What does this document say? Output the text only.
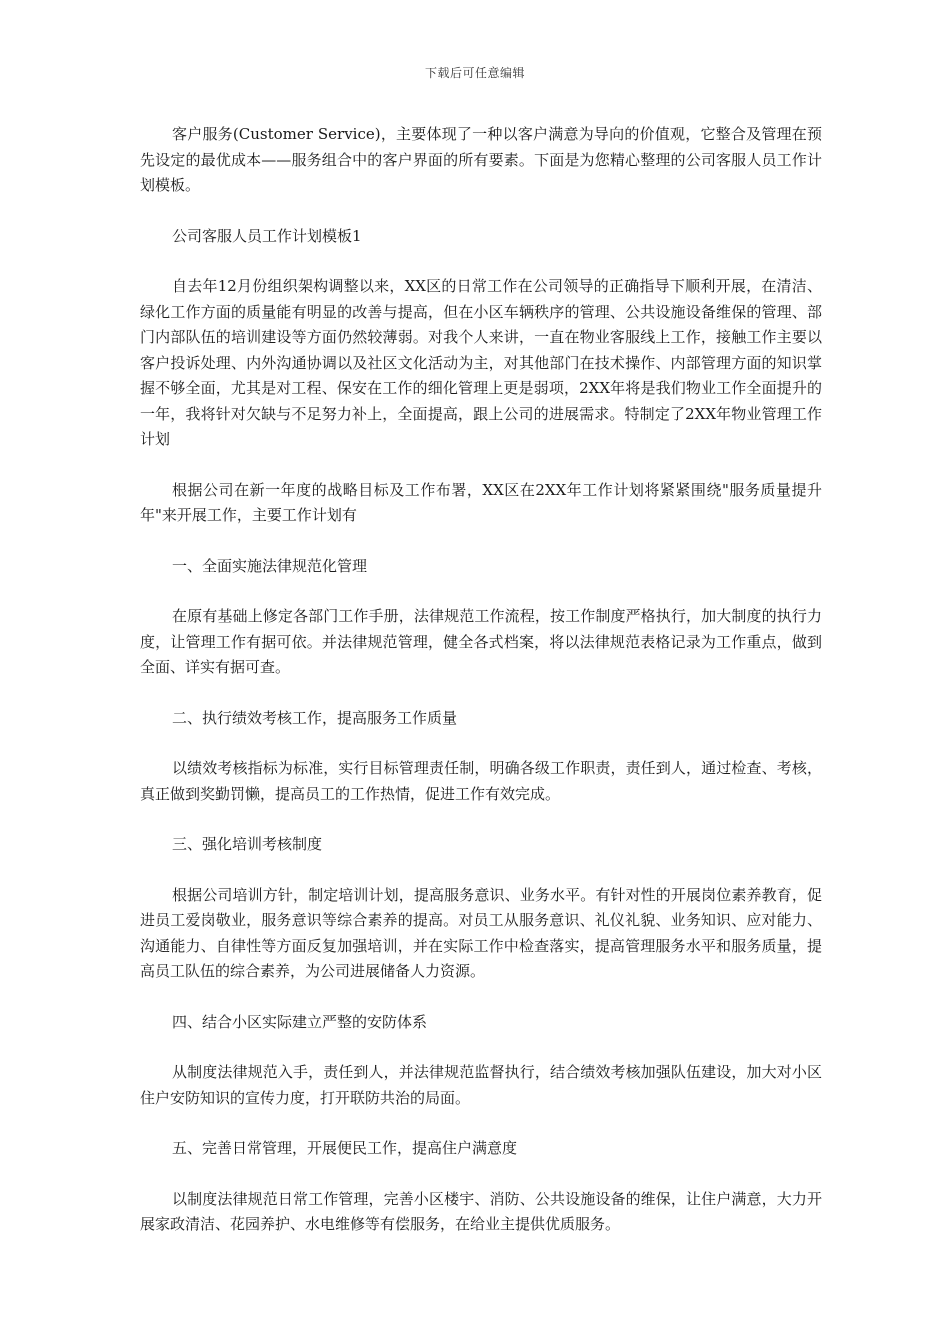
下载后可任意编辑

客户服务(Customer Service)，主要体现了一种以客户满意为导向的价值观，它整合及管理在预先设定的最优成本——服务组合中的客户界面的所有要素。下面是为您精心整理的公司客服人员工作计划模板。

公司客服人员工作计划模板1

自去年12月份组织架构调整以来，XX区的日常工作在公司领导的正确指导下顺利开展，在清洁、绿化工作方面的质量能有明显的改善与提高，但在小区车辆秩序的管理、公共设施设备维保的管理、部门内部队伍的培训建设等方面仍然较薄弱。对我个人来讲，一直在物业客服线上工作，接触工作主要以客户投诉处理、内外沟通协调以及社区文化活动为主，对其他部门在技术操作、内部管理方面的知识掌握不够全面，尤其是对工程、保安在工作的细化管理上更是弱项，2XX年将是我们物业工作全面提升的一年，我将针对欠缺与不足努力补上，全面提高，跟上公司的进展需求。特制定了2XX年物业管理工作计划

根据公司在新一年度的战略目标及工作布署，XX区在2XX年工作计划将紧紧围绕"服务质量提升年"来开展工作，主要工作计划有

一、全面实施法律规范化管理

在原有基础上修定各部门工作手册，法律规范工作流程，按工作制度严格执行，加大制度的执行力度，让管理工作有据可依。并法律规范管理，健全各式档案，将以法律规范表格记录为工作重点，做到全面、详实有据可查。

二、执行绩效考核工作，提高服务工作质量

以绩效考核指标为标准，实行目标管理责任制，明确各级工作职责，责任到人，通过检查、考核，真正做到奖勤罚懒，提高员工的工作热情，促进工作有效完成。

三、强化培训考核制度

根据公司培训方针，制定培训计划，提高服务意识、业务水平。有针对性的开展岗位素养教育，促进员工爱岗敬业，服务意识等综合素养的提高。对员工从服务意识、礼仪礼貌、业务知识、应对能力、沟通能力、自律性等方面反复加强培训，并在实际工作中检查落实，提高管理服务水平和服务质量，提高员工队伍的综合素养，为公司进展储备人力资源。

四、结合小区实际建立严整的安防体系

从制度法律规范入手，责任到人，并法律规范监督执行，结合绩效考核加强队伍建设，加大对小区住户安防知识的宣传力度，打开联防共治的局面。

五、完善日常管理，开展便民工作，提高住户满意度

以制度法律规范日常工作管理，完善小区楼宇、消防、公共设施设备的维保，让住户满意，大力开展家政清洁、花园养护、水电维修等有偿服务，在给业主提供优质服务。
